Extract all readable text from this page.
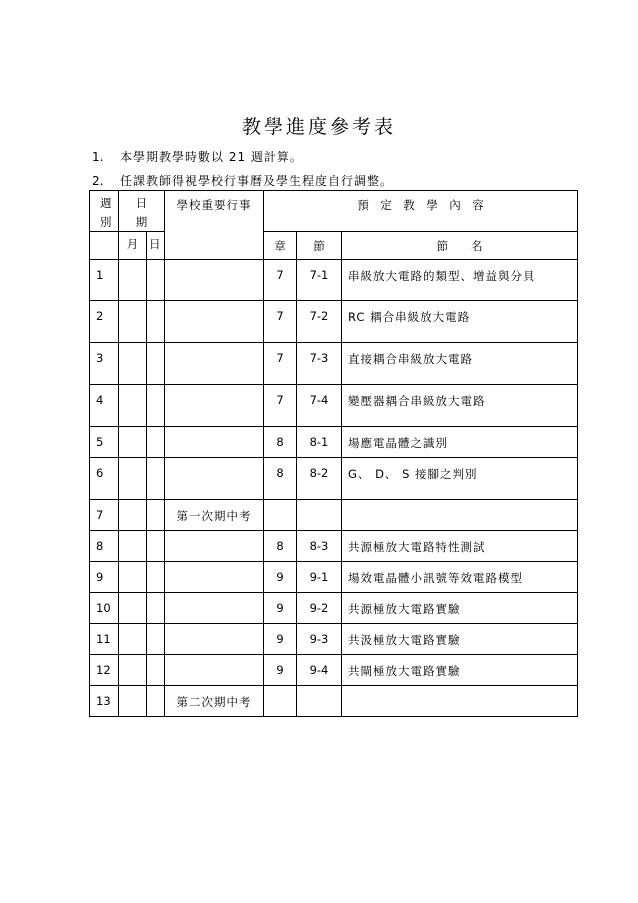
教學進度參考表
1. 本學期教學時數以 21 週計算。
2. 任課教師得視學校行事曆及學生程度自行調整。
週
別	日
期		學校重要行事	預　定　教　學　內　容		

	月	日		章	節	節　　名
1				7	7-1	串級放大電路的類型、增益與分貝
2				7	7-2	RC 耦合串級放大電路
3				7	7-3	直接耦合串級放大電路
4				7	7-4	變壓器耦合串級放大電路
5				8	8-1	場應電晶體之識別
6				8	8-2	G、 D、 S 接腳之判別
7			第一次期中考			
8				8	8-3	共源極放大電路特性測試
9				9	9-1	場效電晶體小訊號等效電路模型
10				9	9-2	共源極放大電路實驗
11				9	9-3	共汲極放大電路實驗
12				9	9-4	共閘極放大電路實驗
13			第二次期中考			
